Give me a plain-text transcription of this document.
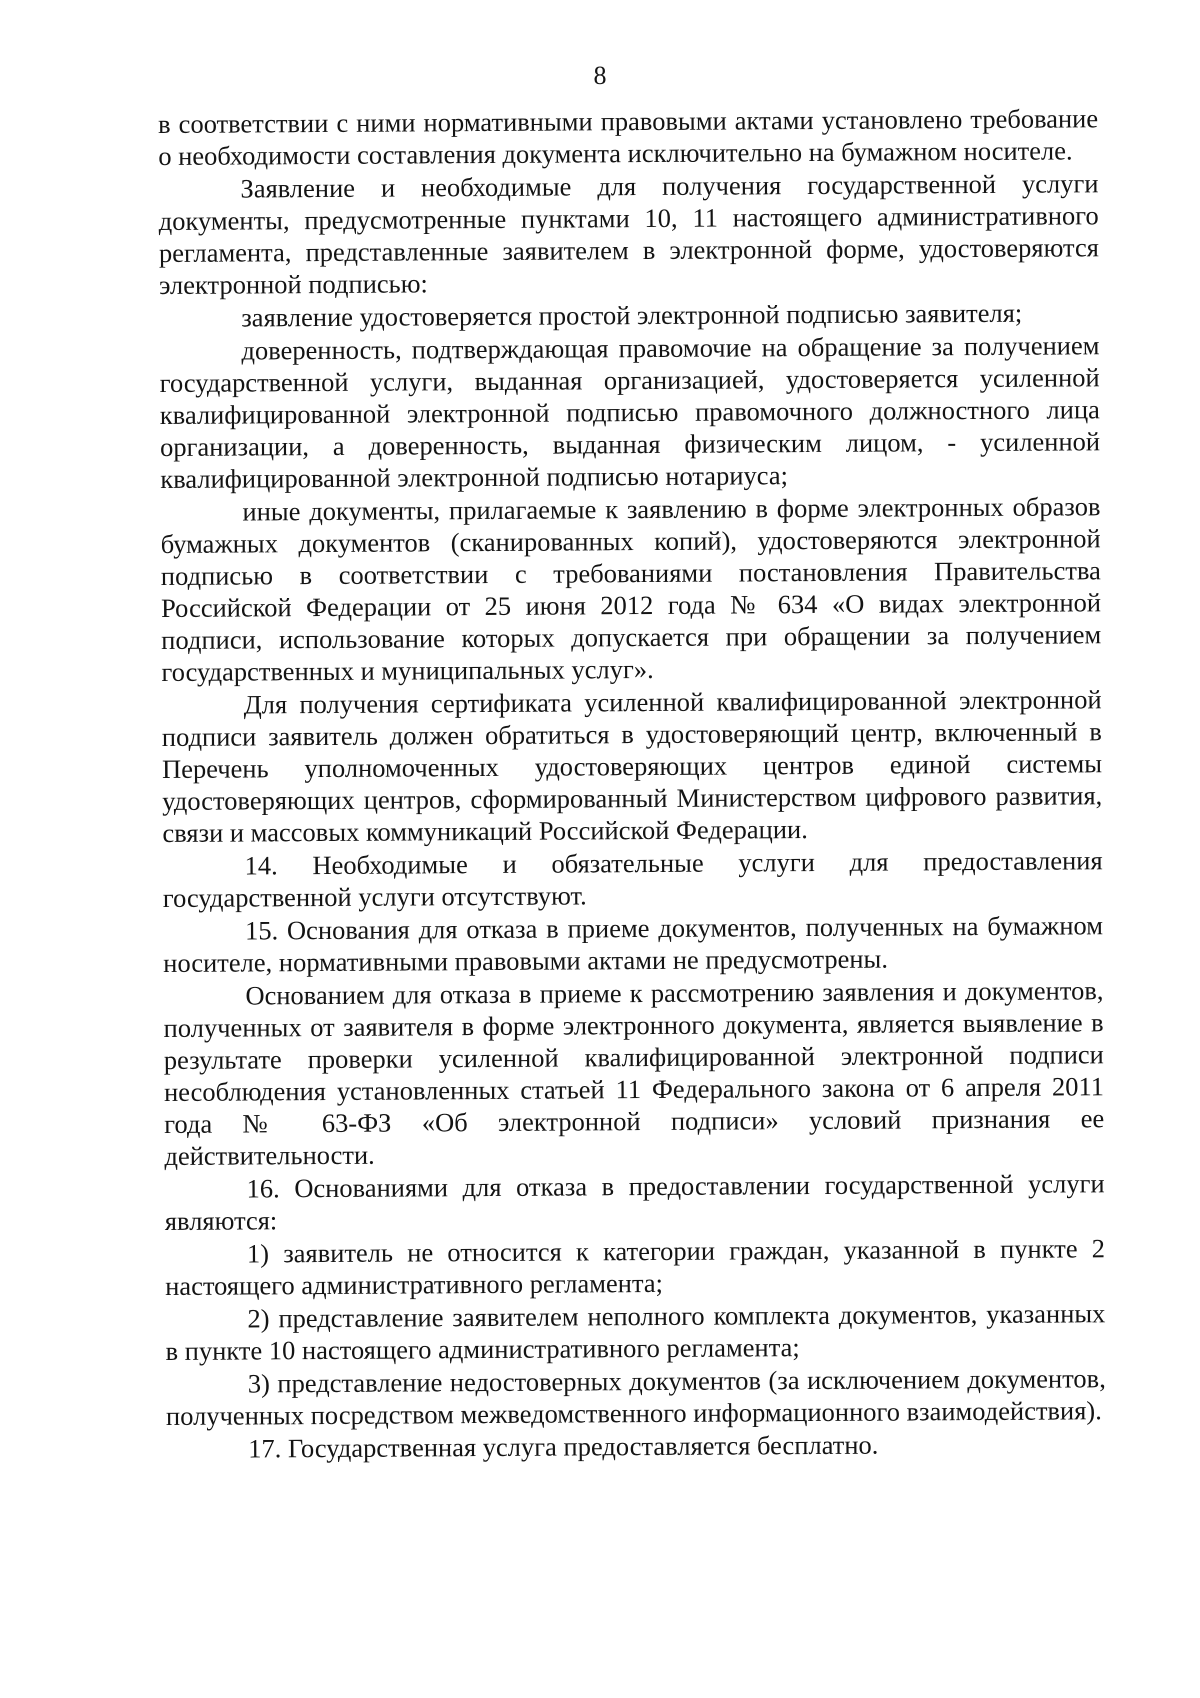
8

в соответствии с ними нормативными правовыми актами установлено требование о необходимости составления документа исключительно на бумажном носителе.

Заявление и необходимые для получения государственной услуги документы, предусмотренные пунктами 10, 11 настоящего административного регламента, представленные заявителем в электронной форме, удостоверяются электронной подписью:

заявление удостоверяется простой электронной подписью заявителя;

доверенность, подтверждающая правомочие на обращение за получением государственной услуги, выданная организацией, удостоверяется усиленной квалифицированной электронной подписью правомочного должностного лица организации, а доверенность, выданная физическим лицом, - усиленной квалифицированной электронной подписью нотариуса;

иные документы, прилагаемые к заявлению в форме электронных образов бумажных документов (сканированных копий), удостоверяются электронной подписью в соответствии с требованиями постановления Правительства Российской Федерации от 25 июня 2012 года № 634 «О видах электронной подписи, использование которых допускается при обращении за получением государственных и муниципальных услуг».

Для получения сертификата усиленной квалифицированной электронной подписи заявитель должен обратиться в удостоверяющий центр, включенный в Перечень уполномоченных удостоверяющих центров единой системы удостоверяющих центров, сформированный Министерством цифрового развития, связи и массовых коммуникаций Российской Федерации.

14. Необходимые и обязательные услуги для предоставления государственной услуги отсутствуют.

15. Основания для отказа в приеме документов, полученных на бумажном носителе, нормативными правовыми актами не предусмотрены.

Основанием для отказа в приеме к рассмотрению заявления и документов, полученных от заявителя в форме электронного документа, является выявление в результате проверки усиленной квалифицированной электронной подписи несоблюдения установленных статьей 11 Федерального закона от 6 апреля 2011 года № 63-ФЗ «Об электронной подписи» условий признания ее действительности.

16. Основаниями для отказа в предоставлении государственной услуги являются:

1) заявитель не относится к категории граждан, указанной в пункте 2 настоящего административного регламента;

2) представление заявителем неполного комплекта документов, указанных в пункте 10 настоящего административного регламента;

3) представление недостоверных документов (за исключением документов, полученных посредством межведомственного информационного взаимодействия).

17. Государственная услуга предоставляется бесплатно.
